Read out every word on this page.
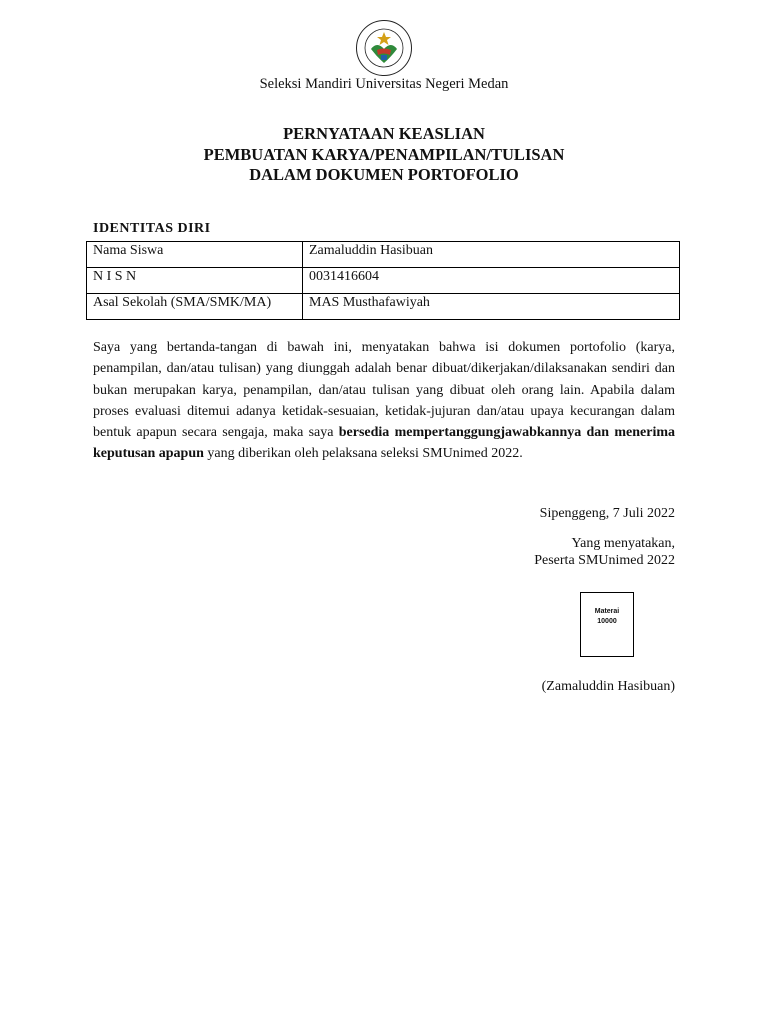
Seleksi Mandiri Universitas Negeri Medan
PERNYATAAN KEASLIAN
PEMBUATAN KARYA/PENAMPILAN/TULISAN
DALAM DOKUMEN PORTOFOLIO
IDENTITAS DIRI
Nama Siswa	Zamaluddin Hasibuan
N I S N	0031416604
Asal Sekolah (SMA/SMK/MA)	MAS Musthafawiyah
Saya yang bertanda-tangan di bawah ini, menyatakan bahwa isi dokumen portofolio (karya, penampilan, dan/atau tulisan) yang diunggah adalah benar dibuat/dikerjakan/dilaksanakan sendiri dan bukan merupakan karya, penampilan, dan/atau tulisan yang dibuat oleh orang lain. Apabila dalam proses evaluasi ditemui adanya ketidak-sesuaian, ketidak-jujuran dan/atau upaya kecurangan dalam bentuk apapun secara sengaja, maka saya bersedia mempertanggungjawabkannya dan menerima keputusan apapun yang diberikan oleh pelaksana seleksi SMUnimed 2022.
Sipenggeng, 7 Juli 2022
Yang menyatakan,
Peserta SMUnimed 2022
Materai
10000
(Zamaluddin Hasibuan)
